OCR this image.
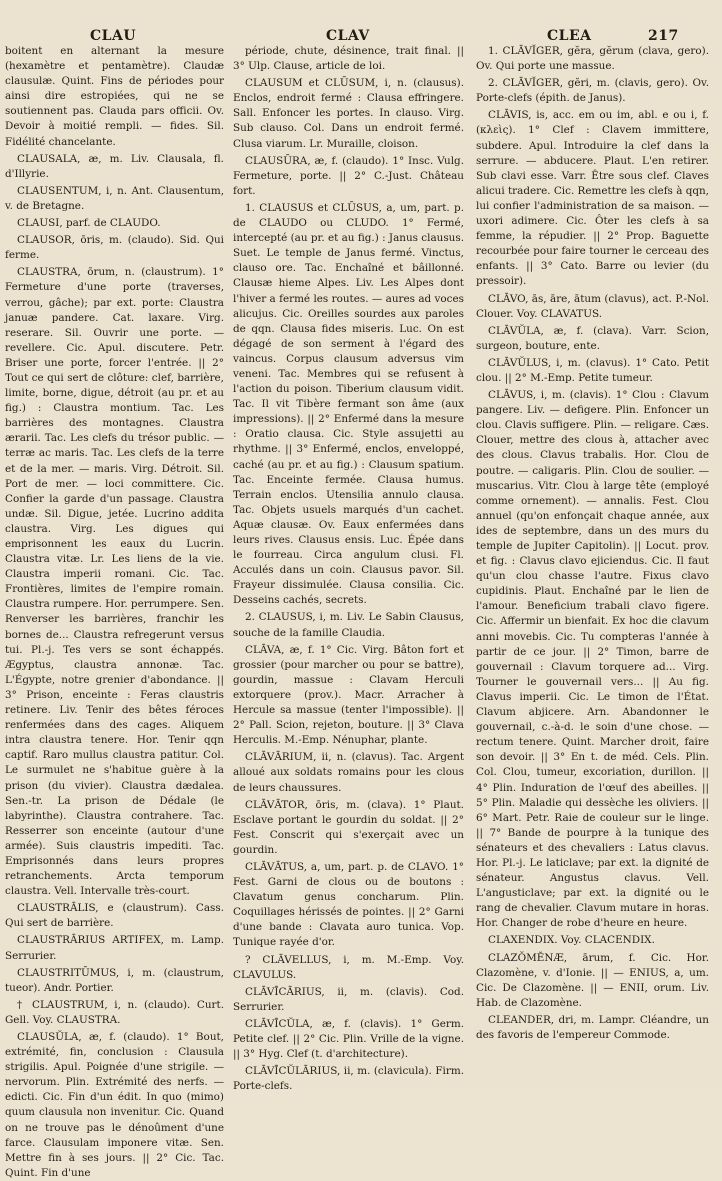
CLAU	CLAV	CLEA	217

boitent en alternant la mesure (hexamètre et pentamètre). Claudæ clausulæ. Quint. Fins de périodes pour ainsi dire estropiées, qui ne se soutiennent pas. Clauda pars officii. Ov. Devoir à moitié rempli. — fides. Sil. Fidélité chancelante.

CLAUSALA, æ, m. Liv. Clausala, fl. d'Illyrie.

CLAUSENTUM, i, n. Ant. Clausentum, v. de Bretagne.

CLAUSI, parf. de CLAUDO.

CLAUSOR, ōris, m. (claudo). Sid. Qui ferme.

CLAUSTRA, ōrum, n. (claustrum). 1° Fermeture d'une porte (traverses, verrou, gâche); par ext. porte: Claustra januæ pandere. Cat. laxare. Virg. reserare. Sil. Ouvrir une porte. — revellere. Cic. Apul. discutere. Petr. Briser une porte, forcer l'entrée. || 2° Tout ce qui sert de clôture: clef, barrière, limite, borne, digue, détroit (au pr. et au fig.) : Claustra montium. Tac. Les barrières des montagnes. Claustra ærarii. Tac. Les clefs du trésor public. — terræ ac maris. Tac. Les clefs de la terre et de la mer. — maris. Virg. Détroit. Sil. Port de mer. — loci committere. Cic. Confier la garde d'un passage. Claustra undæ. Sil. Digue, jetée. Lucrino addita claustra. Virg. Les digues qui emprisonnent les eaux du Lucrin. Claustra vitæ. Lr. Les liens de la vie. Claustra imperii romani. Cic. Tac. Frontières, limites de l'empire romain. Claustra rumpere. Hor. perrumpere. Sen. Renverser les barrières, franchir les bornes de... Claustra refregerunt versus tui. Pl.-j. Tes vers se sont échappés. Ægyptus, claustra annonæ. Tac. L'Égypte, notre grenier d'abondance. || 3° Prison, enceinte : Feras claustris retinere. Liv. Tenir des bêtes féroces renfermées dans des cages. Aliquem intra claustra tenere. Hor. Tenir qqn captif. Raro mullus claustra patitur. Col. Le surmulet ne s'habitue guère à la prison (du vivier). Claustra dædalea. Sen.-tr. La prison de Dédale (le labyrinthe). Claustra contrahere. Tac. Resserrer son enceinte (autour d'une armée). Suis claustris impediti. Tac. Emprisonnés dans leurs propres retranchements. Arcta temporum claustra. Vell. Intervalle très-court.

CLAUSTRĀLIS, e (claustrum). Cass. Qui sert de barrière.

CLAUSTRĀRIUS ARTIFEX, m. Lamp. Serrurier.

CLAUSTRITŪMUS, i, m. (claustrum, tueor). Andr. Portier.

† CLAUSTRUM, i, n. (claudo). Curt. Gell. Voy. CLAUSTRA.

CLAUSŬLA, æ, f. (claudo). 1° Bout, extrémité, fin, conclusion : Clausula strigilis. Apul. Poignée d'une strigile. — nervorum. Plin. Extrémité des nerfs. — edicti. Cic. Fin d'un édit. In quo (mimo) quum clausula non invenitur. Cic. Quand on ne trouve pas le dénoûment d'une farce. Clausulam imponere vitæ. Sen. Mettre fin à ses jours. || 2° Cic. Tac. Quint. Fin d'une

période, chute, désinence, trait final. || 3° Ulp. Clause, article de loi.

CLAUSUM et CLŪSUM, i, n. (clausus). Enclos, endroit fermé : Clausa effringere. Sall. Enfoncer les portes. In clauso. Virg. Sub clauso. Col. Dans un endroit fermé. Clusa viarum. Lr. Muraille, cloison.

CLAUSŪRA, æ, f. (claudo). 1° Insc. Vulg. Fermeture, porte. || 2° C.-Just. Château fort.

1. CLAUSUS et CLŪSUS, a, um, part. p. de CLAUDO ou CLUDO. 1° Fermé, intercepté (au pr. et au fig.) : Janus clausus. Suet. Le temple de Janus fermé. Vinctus, clauso ore. Tac. Enchaîné et bâillonné. Clausæ hieme Alpes. Liv. Les Alpes dont l'hiver a fermé les routes. — aures ad voces alicujus. Cic. Oreilles sourdes aux paroles de qqn. Clausa fides miseris. Luc. On est dégagé de son serment à l'égard des vaincus. Corpus clausum adversus vim veneni. Tac. Membres qui se refusent à l'action du poison. Tiberium clausum vidit. Tac. Il vit Tibère fermant son âme (aux impressions). || 2° Enfermé dans la mesure : Oratio clausa. Cic. Style assujetti au rhythme. || 3° Enfermé, enclos, enveloppé, caché (au pr. et au fig.) : Clausum spatium. Tac. Enceinte fermée. Clausa humus. Terrain enclos. Utensilia annulo clausa. Tac. Objets usuels marqués d'un cachet. Aquæ clausæ. Ov. Eaux enfermées dans leurs rives. Clausus ensis. Luc. Épée dans le fourreau. Circa angulum clusi. Fl. Acculés dans un coin. Clausus pavor. Sil. Frayeur dissimulée. Clausa consilia. Cic. Desseins cachés, secrets.

2. CLAUSUS, i, m. Liv. Le Sabin Clausus, souche de la famille Claudia.

CLĀVA, æ, f. 1° Cic. Virg. Bâton fort et grossier (pour marcher ou pour se battre), gourdin, massue : Clavam Herculi extorquere (prov.). Macr. Arracher à Hercule sa massue (tenter l'impossible). || 2° Pall. Scion, rejeton, bouture. || 3° Clava Herculis. M.-Emp. Nénuphar, plante.

CLĀVĀRIUM, ii, n. (clavus). Tac. Argent alloué aux soldats romains pour les clous de leurs chaussures.

CLĀVĀTOR, ōris, m. (clava). 1° Plaut. Esclave portant le gourdin du soldat. || 2° Fest. Conscrit qui s'exerçait avec un gourdin.

CLĀVĀTUS, a, um, part. p. de CLAVO. 1° Fest. Garni de clous ou de boutons : Clavatum genus concharum. Plin. Coquillages hérissés de pointes. || 2° Garni d'une bande : Clavata auro tunica. Vop. Tunique rayée d'or.

? CLĀVELLUS, i, m. M.-Emp. Voy. CLAVULUS.

CLĀVĪCĀRIUS, ii, m. (clavis). Cod. Serrurier.

CLĀVĪCŬLA, æ, f. (clavis). 1° Germ. Petite clef. || 2° Cic. Plin. Vrille de la vigne. || 3° Hyg. Clef (t. d'architecture).

CLĀVĪCŬLĀRIUS, ii, m. (clavicula). Firm. Porte-clefs.

1. CLĀVĬGER, gĕra, gĕrum (clava, gero). Ov. Qui porte une massue.

2. CLĀVĬGER, gĕri, m. (clavis, gero). Ov. Porte-clefs (épith. de Janus).

CLĀVIS, is, acc. em ou im, abl. e ou i, f. (κλεὶς). 1° Clef : Clavem immittere, subdere. Apul. Introduire la clef dans la serrure. — abducere. Plaut. L'en retirer. Sub clavi esse. Varr. Être sous clef. Claves alicui tradere. Cic. Remettre les clefs à qqn, lui confier l'administration de sa maison. — uxori adimere. Cic. Ôter les clefs à sa femme, la répudier. || 2° Prop. Baguette recourbée pour faire tourner le cerceau des enfants. || 3° Cato. Barre ou levier (du pressoir).

CLĀVO, ās, āre, ātum (clavus), act. P.-Nol. Clouer. Voy. CLAVATUS.

CLĀVŬLA, æ, f. (clava). Varr. Scion, surgeon, bouture, ente.

CLĀVŬLUS, i, m. (clavus). 1° Cato. Petit clou. || 2° M.-Emp. Petite tumeur.

CLĀVUS, i, m. (clavis). 1° Clou : Clavum pangere. Liv. — defigere. Plin. Enfoncer un clou. Clavis suffigere. Plin. — religare. Cæs. Clouer, mettre des clous à, attacher avec des clous. Clavus trabalis. Hor. Clou de poutre. — caligaris. Plin. Clou de soulier. — muscarius. Vitr. Clou à large tête (employé comme ornement). — annalis. Fest. Clou annuel (qu'on enfonçait chaque année, aux ides de septembre, dans un des murs du temple de Jupiter Capitolin). || Locut. prov. et fig. : Clavus clavo ejiciendus. Cic. Il faut qu'un clou chasse l'autre. Fixus clavo cupidinis. Plaut. Enchaîné par le lien de l'amour. Beneficium trabali clavo figere. Cic. Affermir un bienfait. Ex hoc die clavum anni movebis. Cic. Tu compteras l'année à partir de ce jour. || 2° Timon, barre de gouvernail : Clavum torquere ad... Virg. Tourner le gouvernail vers... || Au fig. Clavus imperii. Cic. Le timon de l'État. Clavum abjicere. Arn. Abandonner le gouvernail, c.-à-d. le soin d'une chose. — rectum tenere. Quint. Marcher droit, faire son devoir. || 3° En t. de méd. Cels. Plin. Col. Clou, tumeur, excoriation, durillon. || 4° Plin. Induration de l'œuf des abeilles. || 5° Plin. Maladie qui dessèche les oliviers. || 6° Mart. Petr. Raie de couleur sur le linge. || 7° Bande de pourpre à la tunique des sénateurs et des chevaliers : Latus clavus. Hor. Pl.-j. Le laticlave; par ext. la dignité de sénateur. Angustus clavus. Vell. L'angusticlave; par ext. la dignité ou le rang de chevalier. Clavum mutare in horas. Hor. Changer de robe d'heure en heure.

CLAXENDIX. Voy. CLACENDIX.

CLAZŎMĔNÆ, ārum, f. Cic. Hor. Clazomène, v. d'Ionie. || — ENIUS, a, um. Cic. De Clazomène. || — ENII, orum. Liv. Hab. de Clazomène.

CLEANDER, dri, m. Lampr. Cléandre, un des favoris de l'empereur Commode.
